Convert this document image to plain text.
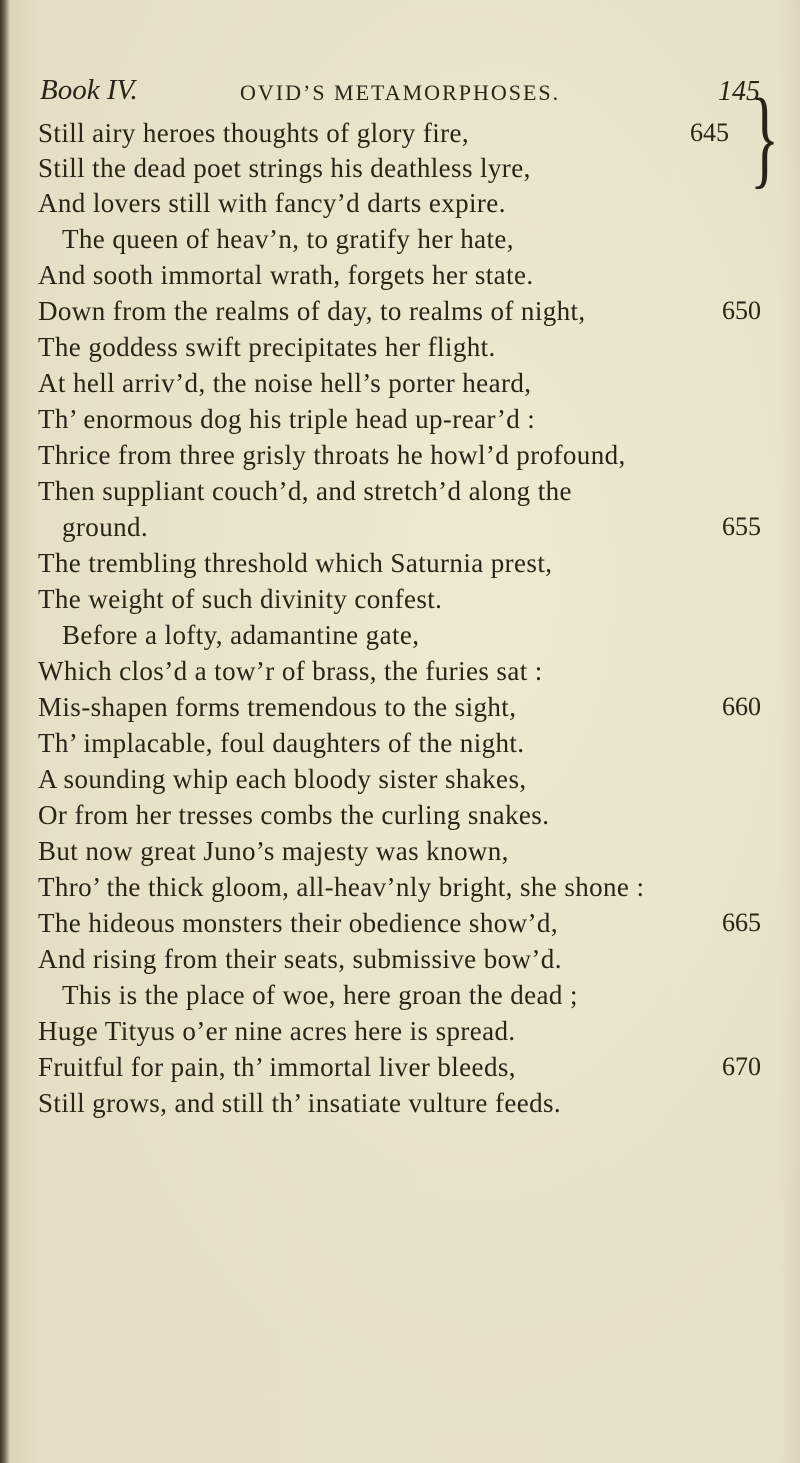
Book IV.	OVID’S METAMORPHOSES.	145
Still airy heroes thoughts of glory fire,
Still the dead poet strings his deathless lyre,
And lovers still with fancy’d darts expire.
The queen of heav’n, to gratify her hate,
And sooth immortal wrath, forgets her state.
Down from the realms of day, to realms of night,
The goddess swift precipitates her flight.
At hell arriv’d, the noise hell’s porter heard,
Th’ enormous dog his triple head up-rear’d :
Thrice from three grisly throats he howl’d profound,
Then suppliant couch’d, and stretch’d along the
ground.
The trembling threshold which Saturnia prest,
The weight of such divinity confest.
Before a lofty, adamantine gate,
Which clos’d a tow’r of brass, the furies sat :
Mis-shapen forms tremendous to the sight,
Th’ implacable, foul daughters of the night.
A sounding whip each bloody sister shakes,
Or from her tresses combs the curling snakes.
But now great Juno’s majesty was known,
Thro’ the thick gloom, all-heav’nly bright, she shone :
The hideous monsters their obedience show’d,
And rising from their seats, submissive bow’d.
This is the place of woe, here groan the dead ;
Huge Tityus o’er nine acres here is spread.
Fruitful for pain, th’ immortal liver bleeds,
Still grows, and still th’ insatiate vulture feeds.
645
650
655
660
665
670
}
